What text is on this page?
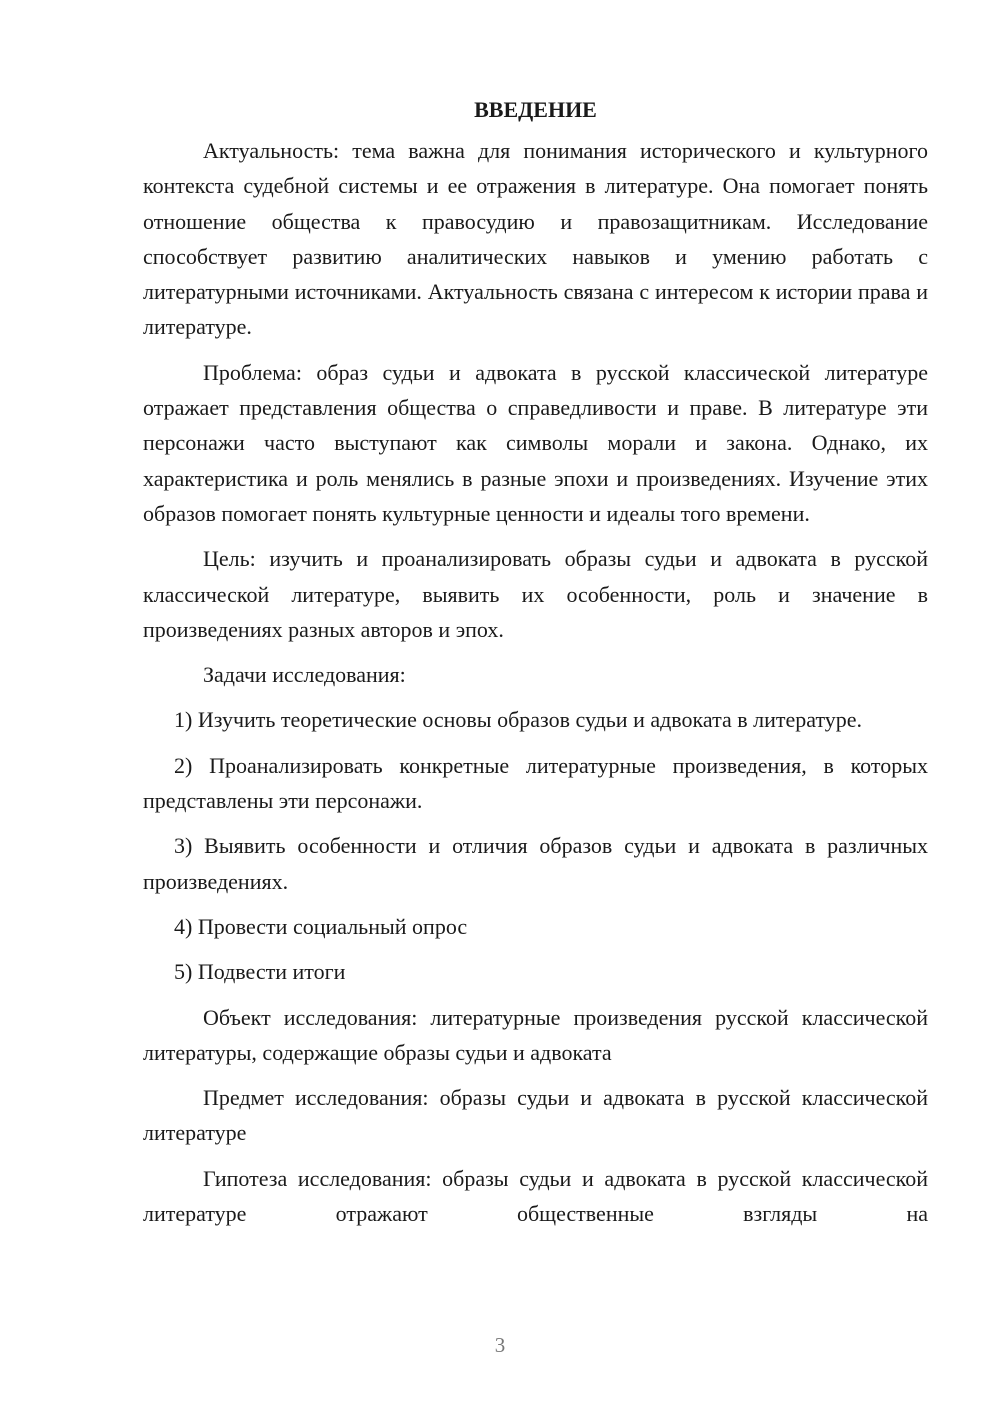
ВВЕДЕНИЕ

Актуальность: тема важна для понимания исторического и культурного контекста судебной системы и ее отражения в литературе. Она помогает понять отношение общества к правосудию и правозащитникам. Исследование способствует развитию аналитических навыков и умению работать с литературными источниками. Актуальность связана с интересом к истории права и литературе.

Проблема: образ судьи и адвоката в русской классической литературе отражает представления общества о справедливости и праве. В литературе эти персонажи часто выступают как символы морали и закона. Однако, их характеристика и роль менялись в разные эпохи и произведениях. Изучение этих образов помогает понять культурные ценности и идеалы того времени.

Цель: изучить и проанализировать образы судьи и адвоката в русской классической литературе, выявить их особенности, роль и значение в произведениях разных авторов и эпох.

Задачи исследования:

1) Изучить теоретические основы образов судьи и адвоката в литературе.

2) Проанализировать конкретные литературные произведения, в которых представлены эти персонажи.

3) Выявить особенности и отличия образов судьи и адвоката в различных произведениях.

4) Провести социальный опрос

5) Подвести итоги

Объект исследования: литературные произведения русской классической литературы, содержащие образы судьи и адвоката

Предмет исследования: образы судьи и адвоката в русской классической литературе

Гипотеза исследования: образы судьи и адвоката в русской классической литературе отражают общественные взгляды на

3
